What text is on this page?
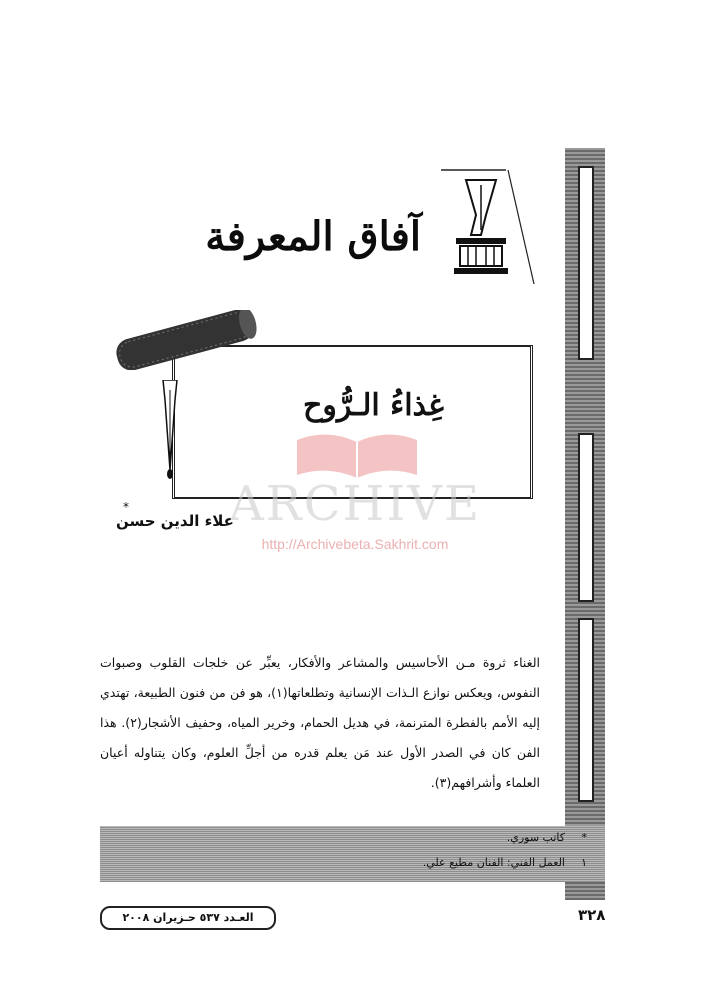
آفاق المعرفة
غِذاءُ الـرُّوح
ARCHIVE
http://Archivebeta.Sakhrit.com
*
علاء الدين حسن
الغناء ثروة مـن الأحاسيس والمشاعر والأفكار، يعبِّر عن خلجات القلوب وصبوات النفوس، ويعكس نوازع الـذات الإنسانية وتطلعاتها(١)، هو فن من فنون الطبيعة، تهتدي إليه الأمم بالفطرة المترنمة، في هديل الحمام، وخرير المياه، وحفيف الأشجار(٢). هذا الفن كان في الصدر الأول عند مَن يعلم قدره من أجلِّ العلوم، وكان يتناوله أعيان العلماء وأشرافهم(٣).
*
كاتب سوري.
١
العمل الفني: الفنان مطيع علي.
العـدد ٥٣٧ حـزيران ٢٠٠٨	٣٢٨
